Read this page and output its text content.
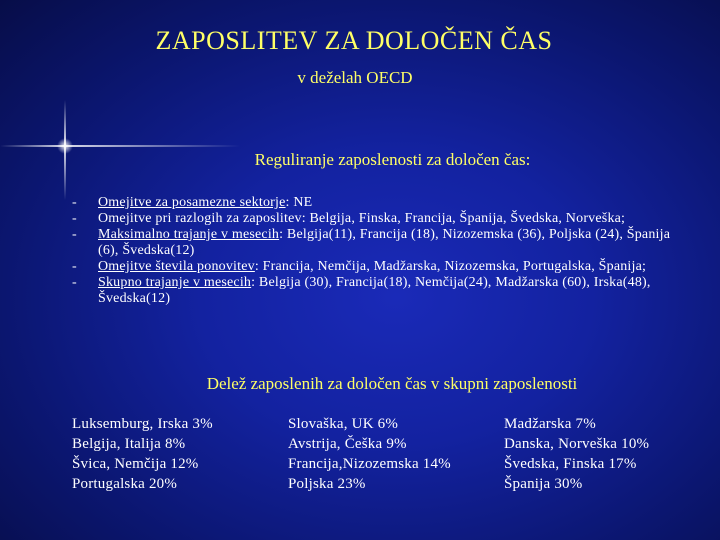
ZAPOSLITEV ZA DOLOČEN ČAS
v deželah OECD
Reguliranje zaposlenosti za določen čas:
- Omejitve za posamezne sektorje: NE
- Omejitve pri razlogih za zaposlitev: Belgija, Finska, Francija, Španija, Švedska, Norveška;
- Maksimalno trajanje v mesecih: Belgija(11), Francija (18), Nizozemska (36), Poljska (24), Španija (6), Švedska(12)
- Omejitve števila ponovitev: Francija, Nemčija, Madžarska, Nizozemska, Portugalska, Španija;
- Skupno trajanje v mesecih: Belgija (30), Francija(18), Nemčija(24), Madžarska (60), Irska(48), Švedska(12)
Delež zaposlenih za določen čas v skupni zaposlenosti
Luksemburg, Irska 3%
Belgija, Italija 8%
Švica, Nemčija 12%
Portugalska 20%
Slovaška, UK 6%
Avstrija, Češka 9%
Francija,Nizozemska 14%
Poljska 23%
Madžarska 7%
Danska, Norveška 10%
Švedska, Finska 17%
Španija 30%
